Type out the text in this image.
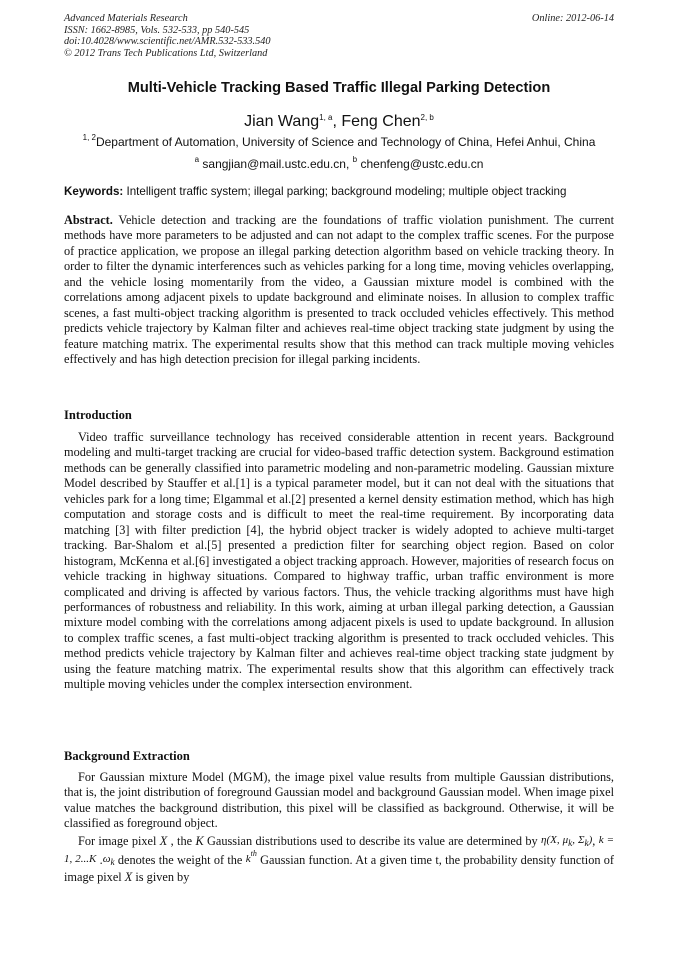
Advanced Materials Research
ISSN: 1662-8985, Vols. 532-533, pp 540-545
doi:10.4028/www.scientific.net/AMR.532-533.540
© 2012 Trans Tech Publications Ltd, Switzerland
Online: 2012-06-14
Multi-Vehicle Tracking Based Traffic Illegal Parking Detection
Jian Wang$^{1, a}$, Feng Chen$^{2, b}$
$^{1, 2}$Department of Automation, University of Science and Technology of China, Hefei Anhui, China
$^a$ sangjian@mail.ustc.edu.cn, $^b$ chenfeng@ustc.edu.cn
Keywords: Intelligent traffic system; illegal parking; background modeling; multiple object tracking
Abstract. Vehicle detection and tracking are the foundations of traffic violation punishment. The current methods have more parameters to be adjusted and can not adapt to the complex traffic scenes. For the purpose of practice application, we propose an illegal parking detection algorithm based on vehicle tracking theory. In order to filter the dynamic interferences such as vehicles parking for a long time, moving vehicles overlapping, and the vehicle losing momentarily from the video, a Gaussian mixture model is combined with the correlations among adjacent pixels to update background and eliminate noises. In allusion to complex traffic scenes, a fast multi-object tracking algorithm is presented to track occluded vehicles effectively. This method predicts vehicle trajectory by Kalman filter and achieves real-time object tracking state judgment by using the feature matching matrix. The experimental results show that this method can track multiple moving vehicles effectively and has high detection precision for illegal parking incidents.
Introduction
Video traffic surveillance technology has received considerable attention in recent years. Background modeling and multi-target tracking are crucial for video-based traffic detection system. Background estimation methods can be generally classified into parametric modeling and non-parametric modeling. Gaussian mixture Model described by Stauffer et al.[1] is a typical parameter model, but it can not deal with the situations that vehicles park for a long time; Elgammal et al.[2] presented a kernel density estimation method, which has high computation and storage costs and is difficult to meet the real-time requirement. By incorporating data matching [3] with filter prediction [4], the hybrid object tracker is widely adopted to achieve multi-target tracking. Bar-Shalom et al.[5] presented a prediction filter for searching object region. Based on color histogram, McKenna et al.[6] investigated a object tracking approach. However, majorities of research focus on vehicle tracking in highway situations. Compared to highway traffic, urban traffic environment is more complicated and driving is affected by various factors. Thus, the vehicle tracking algorithms must have high performances of robustness and reliability. In this work, aiming at urban illegal parking detection, a Gaussian mixture model combing with the correlations among adjacent pixels is used to update background. In allusion to complex traffic scenes, a fast multi-object tracking algorithm is presented to track occluded vehicles. This method predicts vehicle trajectory by Kalman filter and achieves real-time object tracking state judgment by using the feature matching matrix. The experimental results show that this algorithm can effectively track multiple moving vehicles under the complex intersection environment.
Background Extraction
For Gaussian mixture Model (MGM), the image pixel value results from multiple Gaussian distributions, that is, the joint distribution of foreground Gaussian model and background Gaussian model. When image pixel value matches the background distribution, this pixel will be classified as background. Otherwise, it will be classified as foreground object.
For image pixel X , the K Gaussian distributions used to describe its value are determined by η(X, $\mu_k$, $\Sigma_k$), k = 1, 2...K $.\omega_k$ denotes the weight of the $k^{th}$ Gaussian function. At a given time t, the probability density function of image pixel X is given by
